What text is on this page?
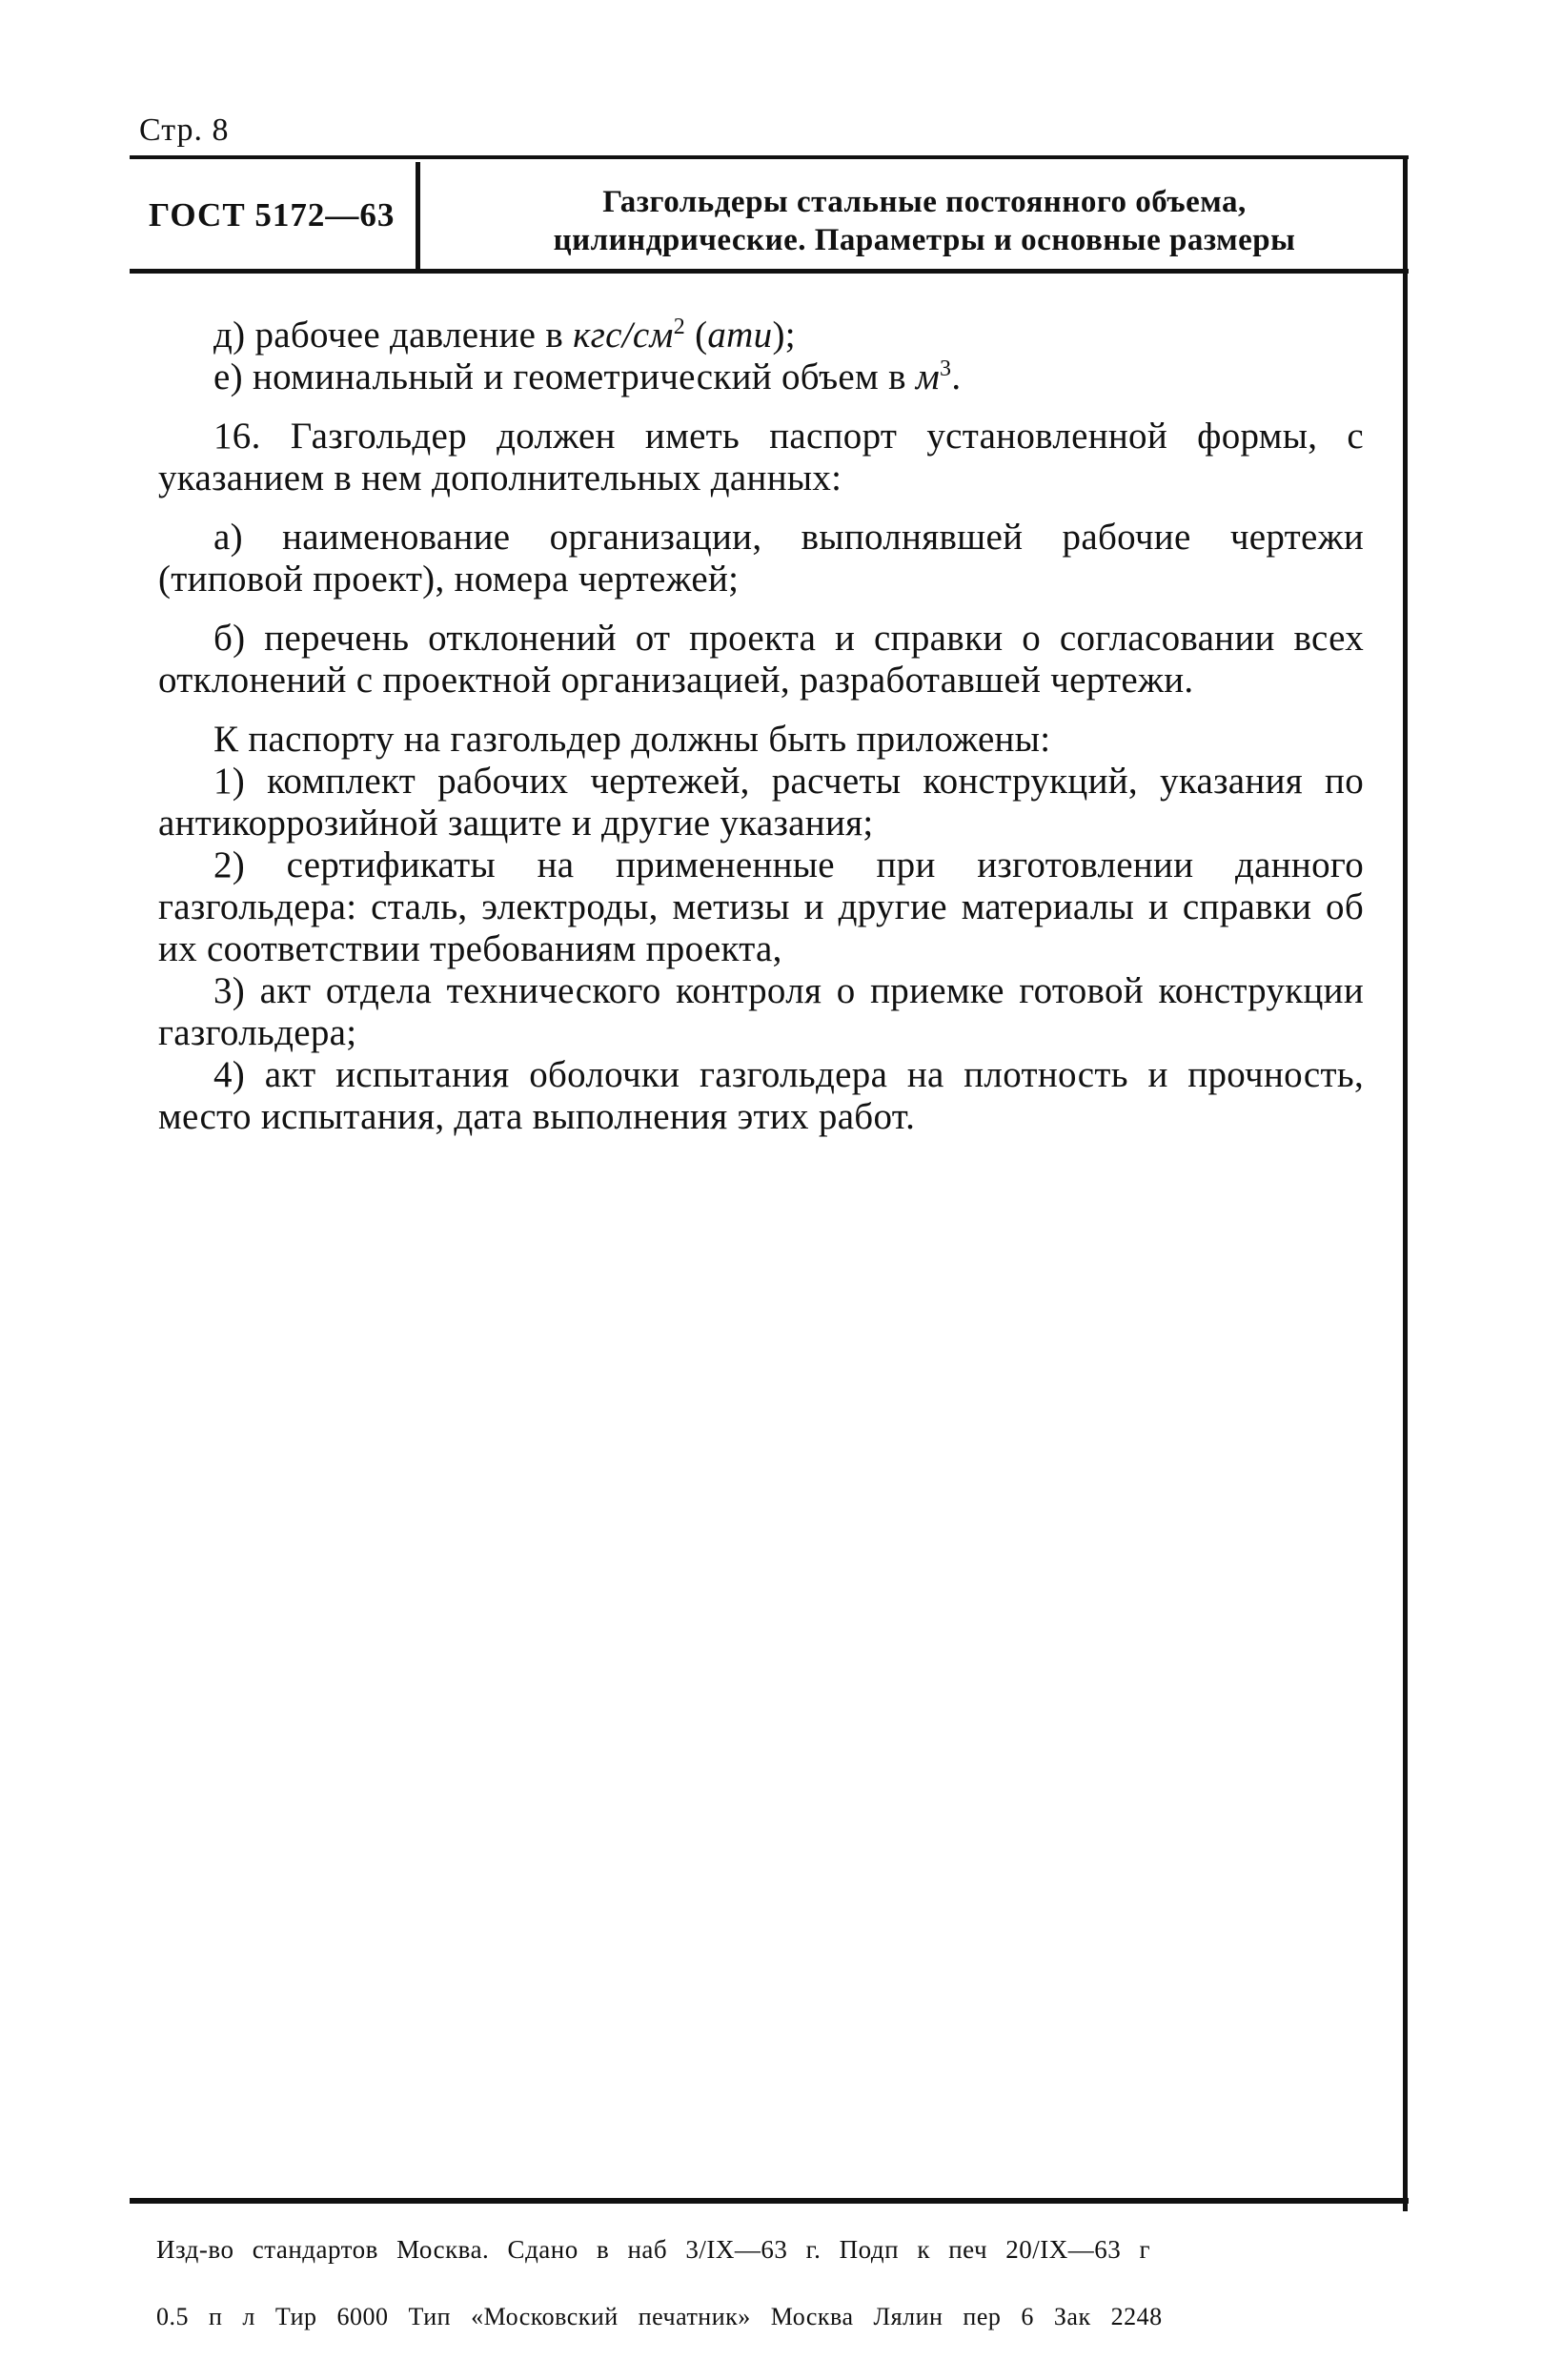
Стр. 8
ГОСТ 5172—63	Газгольдеры стальные постоянного объема,
цилиндрические. Параметры и основные размеры

д) рабочее давление в кгс/$см^2$ (ати);

е) номинальный и геометрический объем в $м^3$.

16. Газгольдер должен иметь паспорт установленной формы, с указанием в нем дополнительных данных:

а) наименование организации, выполнявшей рабочие чертежи (типовой проект), номера чертежей;

б) перечень отклонений от проекта и справки о согласовании всех отклонений с проектной организацией, разработавшей чертежи.

К паспорту на газгольдер должны быть приложены:

1) комплект рабочих чертежей, расчеты конструкций, указания по антикоррозийной защите и другие указания;

2) сертификаты на примененные при изготовлении данного газгольдера: сталь, электроды, метизы и другие материалы и справки об их соответствии требованиям проекта,

3) акт отдела технического контроля о приемке готовой конструкции газгольдера;

4) акт испытания оболочки газгольдера на плотность и прочность, место испытания, дата выполнения этих работ.

Изд-во стандартов Москва. Сдано в наб 3/IX—63 г. Подп к печ 20/IX—63 г
0.5 п л Тир 6000 Тип «Московский печатник» Москва Лялин пер 6 Зак 2248
